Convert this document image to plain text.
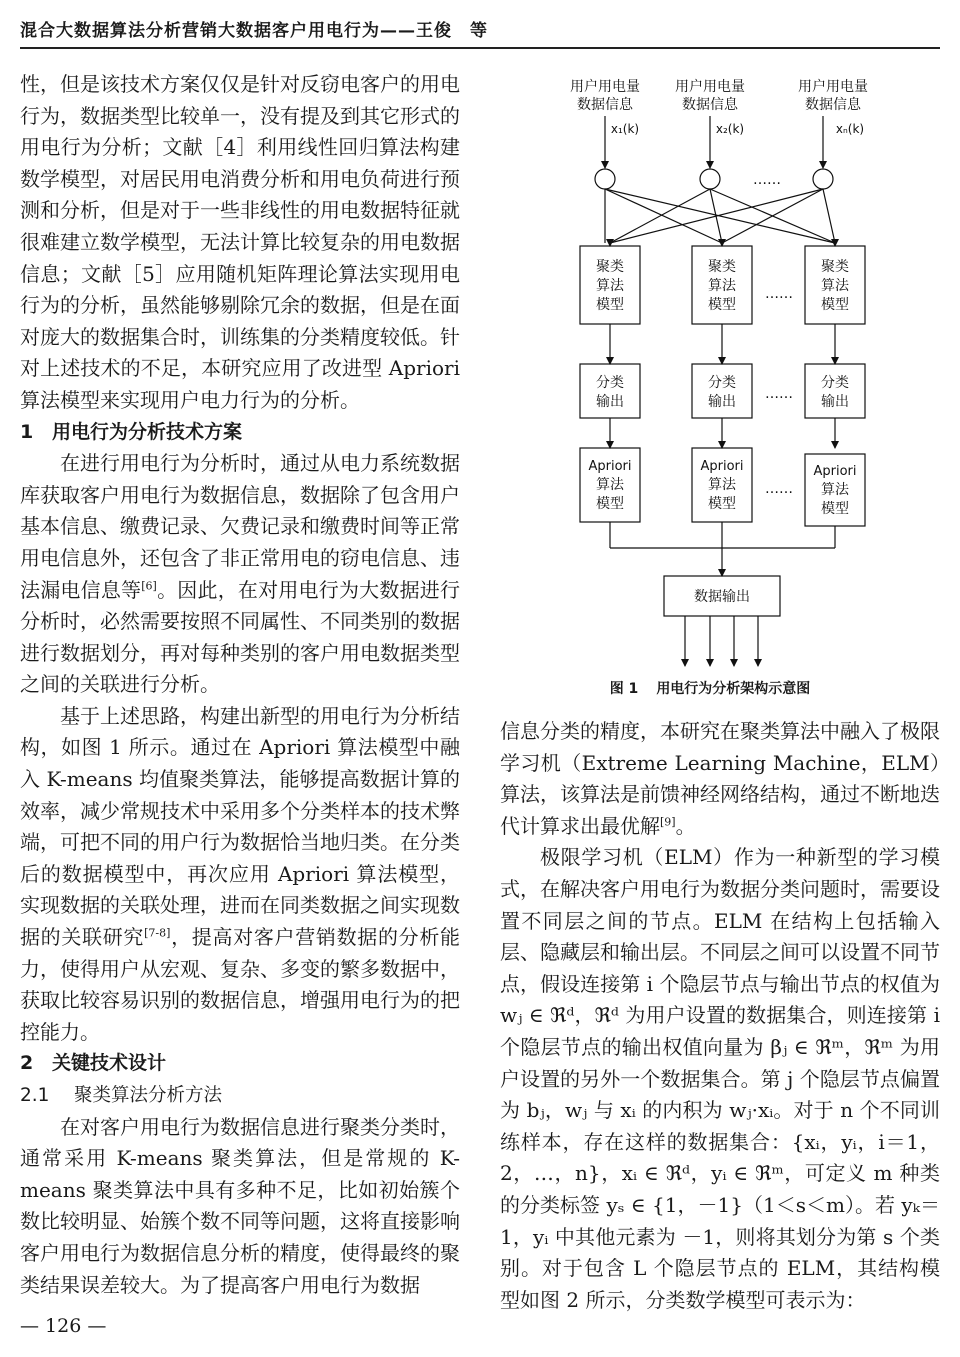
混合大数据算法分析营销大数据客户用电行为——王俊　等

性，但是该技术方案仅仅是针对反窃电客户的用电行为，数据类型比较单一，没有提及到其它形式的用电行为分析；文献［4］利用线性回归算法构建数学模型，对居民用电消费分析和用电负荷进行预测和分析，但是对于一些非线性的用电数据特征就很难建立数学模型，无法计算比较复杂的用电数据信息；文献［5］应用随机矩阵理论算法实现用电行为的分析，虽然能够剔除冗余的数据，但是在面对庞大的数据集合时，训练集的分类精度较低。针对上述技术的不足，本研究应用了改进型 Apriori 算法模型来实现用户电力行为的分析。

1 用电行为分析技术方案

在进行用电行为分析时，通过从电力系统数据库获取客户用电行为数据信息，数据除了包含用户基本信息、缴费记录、欠费记录和缴费时间等正常用电信息外，还包含了非正常用电的窃电信息、违法漏电信息等[6]。因此，在对用电行为大数据进行分析时，必然需要按照不同属性、不同类别的数据进行数据划分，再对每种类别的客户用电数据类型之间的关联进行分析。

基于上述思路，构建出新型的用电行为分析结构，如图 1 所示。通过在 Apriori 算法模型中融入 K-means 均值聚类算法，能够提高数据计算的效率，减少常规技术中采用多个分类样本的技术弊端，可把不同的用户行为数据恰当地归类。在分类后的数据模型中，再次应用 Apriori 算法模型，实现数据的关联处理，进而在同类数据之间实现数据的关联研究[7-8]，提高对客户营销数据的分析能力，使得用户从宏观、复杂、多变的繁多数据中，获取比较容易识别的数据信息，增强用电行为的把控能力。

2 关键技术设计

2.1 聚类算法分析方法

在对客户用电行为数据信息进行聚类分类时，通常采用 K-means 聚类算法，但是常规的 K-means 聚类算法中具有多种不足，比如初始簇个数比较明显、始簇个数不同等问题，这将直接影响客户用电行为数据信息分析的精度，使得最终的聚类结果误差较大。为了提高客户用电行为数据

用户用电量
数据信息
x₁(k)
用户用电量
数据信息
x₂(k)
用户用电量
数据信息
xₙ(k)
……
聚类
算法
模型
聚类
算法
模型
聚类
算法
模型
……
分类
输出
分类
输出
分类
输出
……
Apriori
算法
模型
Apriori
算法
模型
Apriori
算法
模型
……
数据输出
图 1 用电行为分析架构示意图

信息分类的精度，本研究在聚类算法中融入了极限学习机（Extreme Learning Machine，ELM）算法，该算法是前馈神经网络结构，通过不断地迭代计算求出最优解[9]。

极限学习机（ELM）作为一种新型的学习模式，在解决客户用电行为数据分类问题时，需要设置不同层之间的节点。ELM 在结构上包括输入层、隐藏层和输出层。不同层之间可以设置不同节点，假设连接第 i 个隐层节点与输出节点的权值为 wⱼ ∈ ℜᵈ，ℜᵈ 为用户设置的数据集合，则连接第 i 个隐层节点的输出权值向量为 βⱼ ∈ ℜᵐ，ℜᵐ 为用户设置的另外一个数据集合。第 j 个隐层节点偏置为 bⱼ，wⱼ 与 xᵢ 的内积为 wⱼ·xᵢ。对于 n 个不同训练样本，存在这样的数据集合：{xᵢ，yᵢ，i＝1，2，…，n}，xᵢ ∈ ℜᵈ，yᵢ ∈ ℜᵐ，可定义 m 种类的分类标签 yₛ ∈ {1，－1}（1＜s＜m）。若 yₖ＝1，yᵢ 中其他元素为 －1，则将其划分为第 s 个类别。对于包含 L 个隐层节点的 ELM，其结构模型如图 2 所示，分类数学模型可表示为：

— 126 —
